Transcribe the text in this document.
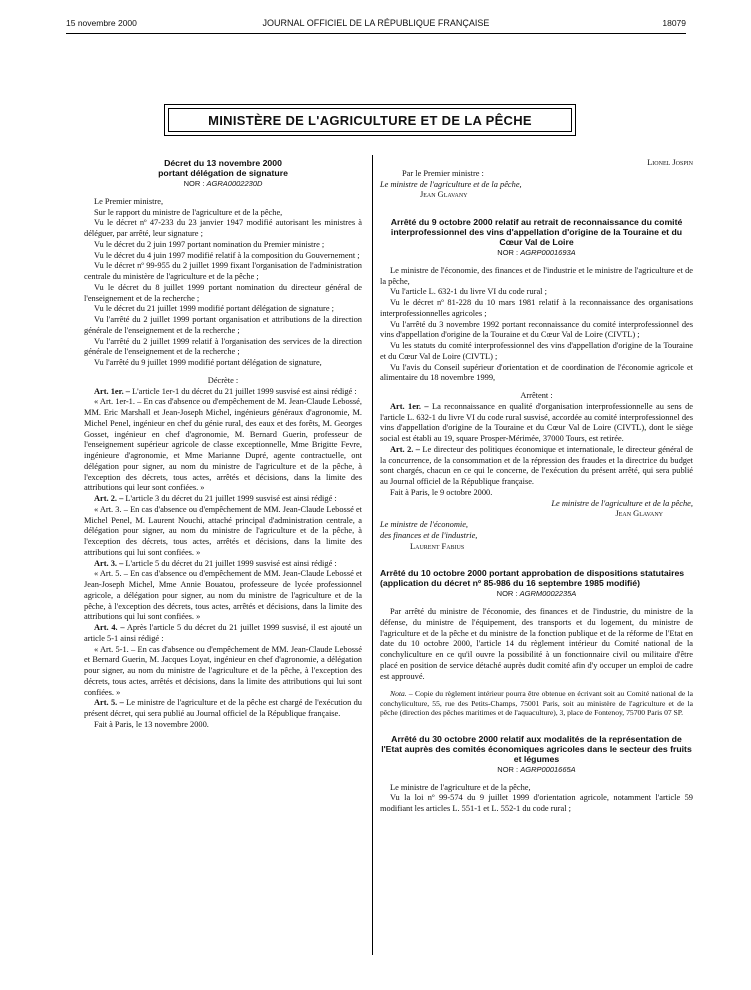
15 novembre 2000	JOURNAL OFFICIEL DE LA RÉPUBLIQUE FRANÇAISE	18079
MINISTÈRE DE L'AGRICULTURE ET DE LA PÊCHE
Décret du 13 novembre 2000
portant délégation de signature
NOR : AGRA0002230D

Le Premier ministre,

Sur le rapport du ministre de l'agriculture et de la pêche,

Vu le décret nº 47-233 du 23 janvier 1947 modifié autorisant les ministres à déléguer, par arrêté, leur signature ;

Vu le décret du 2 juin 1997 portant nomination du Premier ministre ;

Vu le décret du 4 juin 1997 modifié relatif à la composition du Gouvernement ;

Vu le décret nº 99-955 du 2 juillet 1999 fixant l'organisation de l'administration centrale du ministère de l'agriculture et de la pêche ;

Vu le décret du 8 juillet 1999 portant nomination du directeur général de l'enseignement et de la recherche ;

Vu le décret du 21 juillet 1999 modifié portant délégation de signature ;

Vu l'arrêté du 2 juillet 1999 portant organisation et attributions de la direction générale de l'enseignement et de la recherche ;

Vu l'arrêté du 2 juillet 1999 relatif à l'organisation des services de la direction générale de l'enseignement et de la recherche ;

Vu l'arrêté du 9 juillet 1999 modifié portant délégation de signature,

Décrète :

Art. 1er. – L'article 1er-1 du décret du 21 juillet 1999 susvisé est ainsi rédigé :

« Art. 1er-1. – En cas d'absence ou d'empêchement de M. Jean-Claude Lebossé, MM. Eric Marshall et Jean-Joseph Michel, ingénieurs généraux d'agronomie, M. Michel Penel, ingénieur en chef du génie rural, des eaux et des forêts, M. Georges Gosset, ingénieur en chef d'agronomie, M. Bernard Guerin, professeur de l'enseignement supérieur agricole de classe exceptionnelle, Mme Brigitte Fevre, ingénieure d'agronomie, et Mme Marianne Dupré, agente contractuelle, ont délégation pour signer, au nom du ministre de l'agriculture et de la pêche, à l'exception des décrets, tous actes, arrêtés et décisions, dans la limite des attributions qui leur sont confiées. »

Art. 2. – L'article 3 du décret du 21 juillet 1999 susvisé est ainsi rédigé :

« Art. 3. – En cas d'absence ou d'empêchement de MM. Jean-Claude Lebossé et Michel Penel, M. Laurent Nouchi, attaché principal d'administration centrale, a délégation pour signer, au nom du ministre de l'agriculture et de la pêche, à l'exception des décrets, tous actes, arrêtés et décisions, dans la limite des attributions qui lui sont confiées. »

Art. 3. – L'article 5 du décret du 21 juillet 1999 susvisé est ainsi rédigé :

« Art. 5. – En cas d'absence ou d'empêchement de MM. Jean-Claude Lebossé et Jean-Joseph Michel, Mme Annie Bouatou, professeure de lycée professionnel agricole, a délégation pour signer, au nom du ministre de l'agriculture et de la pêche, à l'exception des décrets, tous actes, arrêtés et décisions, dans la limite des attributions qui lui sont confiées. »

Art. 4. – Après l'article 5 du décret du 21 juillet 1999 susvisé, il est ajouté un article 5-1 ainsi rédigé :

« Art. 5-1. – En cas d'absence ou d'empêchement de MM. Jean-Claude Lebossé et Bernard Guerin, M. Jacques Loyat, ingénieur en chef d'agronomie, a délégation pour signer, au nom du ministre de l'agriculture et de la pêche, à l'exception des décrets, tous actes, arrêtés et décisions, dans la limite des attributions qui lui sont confiées. »

Art. 5. – Le ministre de l'agriculture et de la pêche est chargé de l'exécution du présent décret, qui sera publié au Journal officiel de la République française.

Fait à Paris, le 13 novembre 2000.

Lionel Jospin

Par le Premier ministre :

Le ministre de l'agriculture et de la pêche,

Jean Glavany

Arrêté du 9 octobre 2000 relatif au retrait de reconnaissance du comité interprofessionnel des vins d'appellation d'origine de la Touraine et du Cœur Val de Loire
NOR : AGRP0001693A

Le ministre de l'économie, des finances et de l'industrie et le ministre de l'agriculture et de la pêche,

Vu l'article L. 632-1 du livre VI du code rural ;

Vu le décret nº 81-228 du 10 mars 1981 relatif à la reconnaissance des organisations interprofessionnelles agricoles ;

Vu l'arrêté du 3 novembre 1992 portant reconnaissance du comité interprofessionnel des vins d'appellation d'origine de la Touraine et du Cœur Val de Loire (CIVTL) ;

Vu les statuts du comité interprofessionnel des vins d'appellation d'origine de la Touraine et du Cœur Val de Loire (CIVTL) ;

Vu l'avis du Conseil supérieur d'orientation et de coordination de l'économie agricole et alimentaire du 18 novembre 1999,

Arrêtent :

Art. 1er. – La reconnaissance en qualité d'organisation interprofessionnelle au sens de l'article L. 632-1 du livre VI du code rural susvisé, accordée au comité interprofessionnel des vins d'appellation d'origine de la Touraine et du Cœur Val de Loire (CIVTL), dont le siège social est établi au 19, square Prosper-Mérimée, 37000 Tours, est retirée.

Art. 2. – Le directeur des politiques économique et internationale, le directeur général de la concurrence, de la consommation et de la répression des fraudes et la directrice du budget sont chargés, chacun en ce qui le concerne, de l'exécution du présent arrêté, qui sera publié au Journal officiel de la République française.

Fait à Paris, le 9 octobre 2000.

Le ministre de l'agriculture et de la pêche,

Jean Glavany

Le ministre de l'économie,

des finances et de l'industrie,

Laurent Fabius

Arrêté du 10 octobre 2000 portant approbation de dispositions statutaires (application du décret nº 85-986 du 16 septembre 1985 modifié)
NOR : AGRM0002235A

Par arrêté du ministre de l'économie, des finances et de l'industrie, du ministre de la défense, du ministre de l'équipement, des transports et du logement, du ministre de l'agriculture et de la pêche et du ministre de la fonction publique et de la réforme de l'Etat en date du 10 octobre 2000, l'article 14 du règlement intérieur du Comité national de la conchyliculture en ce qu'il ouvre la possibilité à un fonctionnaire civil ou militaire d'être placé en position de service détaché auprès dudit comité afin d'y occuper un emploi de cadre est approuvé.

Nota. – Copie du règlement intérieur pourra être obtenue en écrivant soit au Comité national de la conchyliculture, 55, rue des Petits-Champs, 75001 Paris, soit au ministère de l'agriculture et de la pêche (direction des pêches maritimes et de l'aquaculture), 3, place de Fontenoy, 75700 Paris 07 SP.

Arrêté du 30 octobre 2000 relatif aux modalités de la représentation de l'Etat auprès des comités économiques agricoles dans le secteur des fruits et légumes
NOR : AGRP0001665A

Le ministre de l'agriculture et de la pêche,

Vu la loi nº 99-574 du 9 juillet 1999 d'orientation agricole, notamment l'article 59 modifiant les articles L. 551-1 et L. 552-1 du code rural ;
